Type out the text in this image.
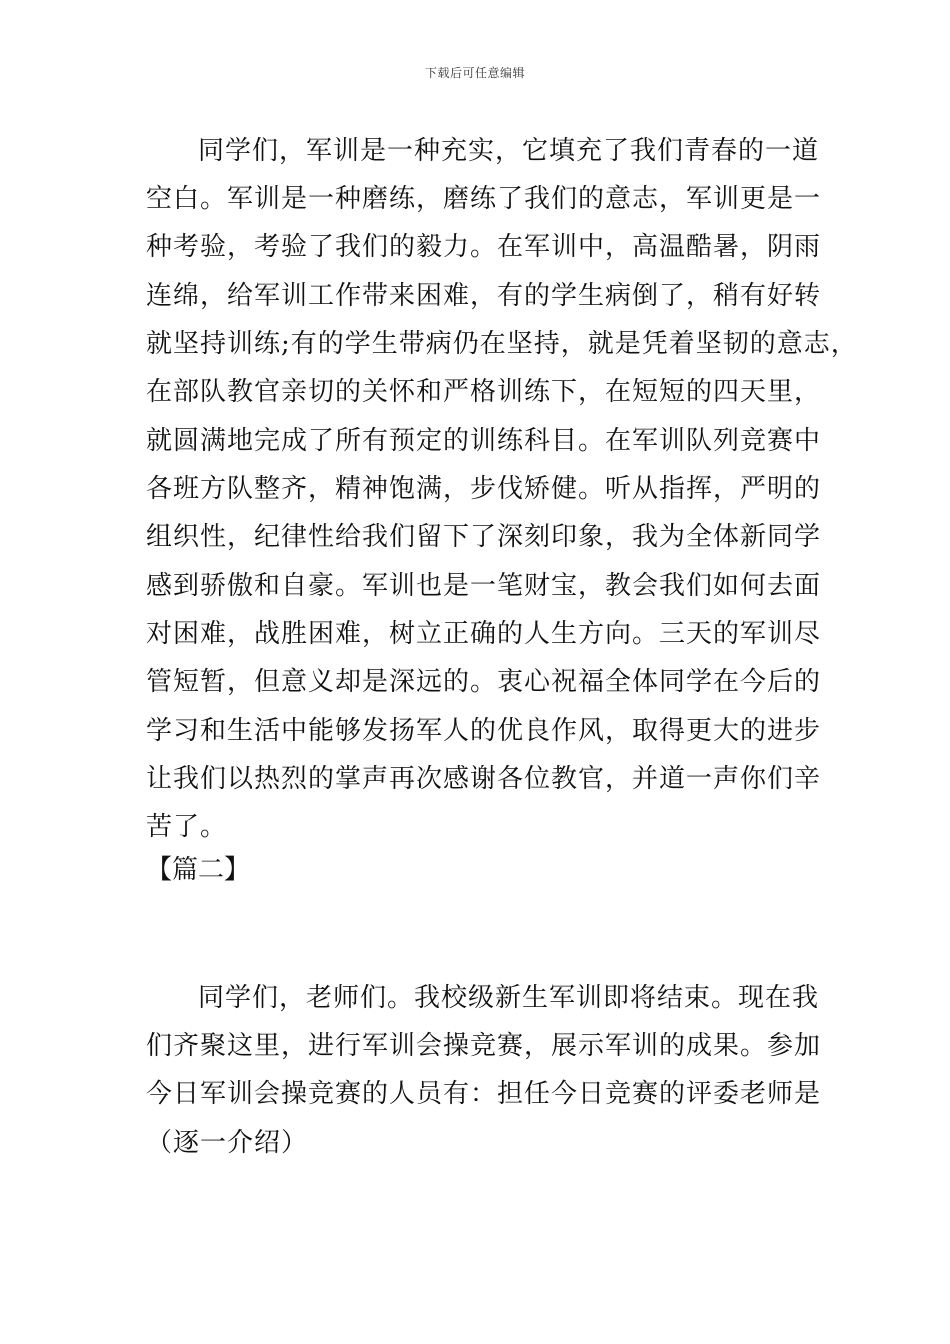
下载后可任意编辑
同学们，军训是一种充实，它填充了我们青春的一道
空白。军训是一种磨练，磨练了我们的意志，军训更是一
种考验，考验了我们的毅力。在军训中，高温酷暑，阴雨
连绵，给军训工作带来困难，有的学生病倒了，稍有好转
就坚持训练;有的学生带病仍在坚持，就是凭着坚韧的意志，
在部队教官亲切的关怀和严格训练下，在短短的四天里，
就圆满地完成了所有预定的训练科目。在军训队列竞赛中
各班方队整齐，精神饱满，步伐矫健。听从指挥，严明的
组织性，纪律性给我们留下了深刻印象，我为全体新同学
感到骄傲和自豪。军训也是一笔财宝，教会我们如何去面
对困难，战胜困难，树立正确的人生方向。三天的军训尽
管短暂，但意义却是深远的。衷心祝福全体同学在今后的
学习和生活中能够发扬军人的优良作风，取得更大的进步
让我们以热烈的掌声再次感谢各位教官，并道一声你们辛
苦了。
【篇二】
同学们，老师们。我校级新生军训即将结束。现在我
们齐聚这里，进行军训会操竞赛，展示军训的成果。参加
今日军训会操竞赛的人员有：担任今日竞赛的评委老师是
（逐一介绍）
